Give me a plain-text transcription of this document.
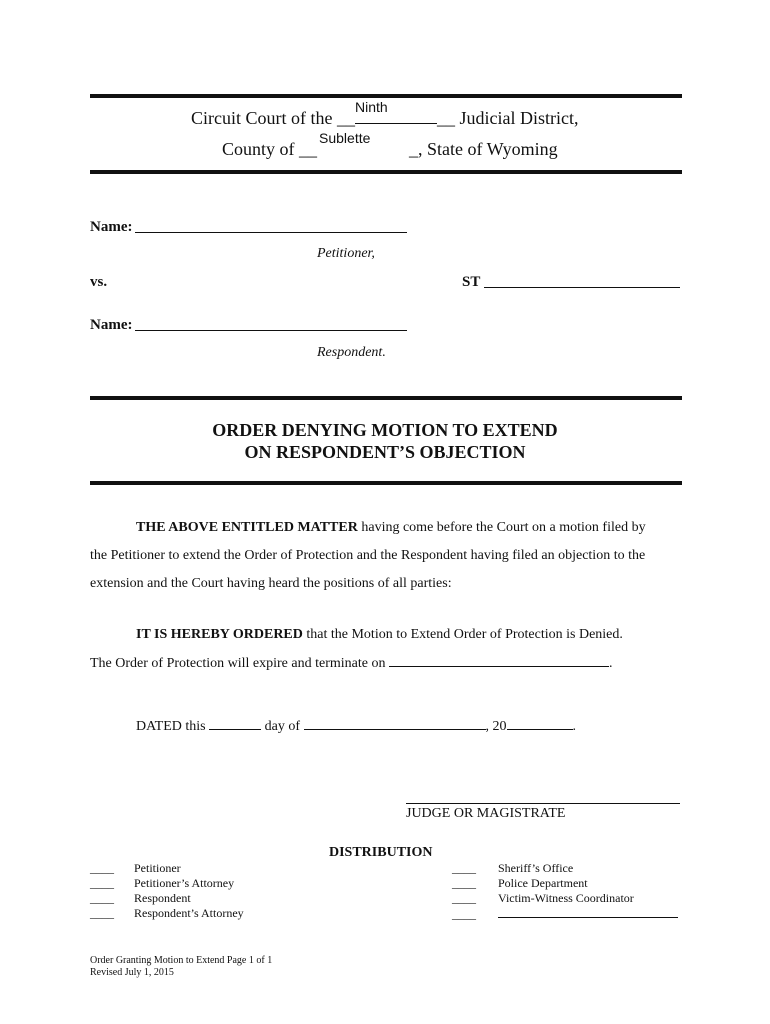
Circuit Court of the __
Ninth
__ Judicial District,
County of __
Sublette
_, State of Wyoming
Name:
Petitioner,
vs.	ST
Name:
Respondent.
ORDER DENYING MOTION TO EXTEND
ON RESPONDENT’S OBJECTION
THE ABOVE ENTITLED MATTER having come before the Court on a motion filed by
the Petitioner to extend the Order of Protection and the Respondent having filed an objection to the
extension and the Court having heard the positions of all parties:
IT IS HEREBY ORDERED that the Motion to Extend Order of Protection is Denied.
The Order of Protection will expire and terminate on	.
DATED this	day of	, 20	.
JUDGE OR MAGISTRATE
DISTRIBUTION
____ Petitioner
____ Petitioner’s Attorney
____ Respondent
____ Respondent’s Attorney
____ Sheriff’s Office
____ Police Department
____ Victim-Witness Coordinator
____
Order Granting Motion to Extend Page 1 of 1
Revised July 1, 2015
